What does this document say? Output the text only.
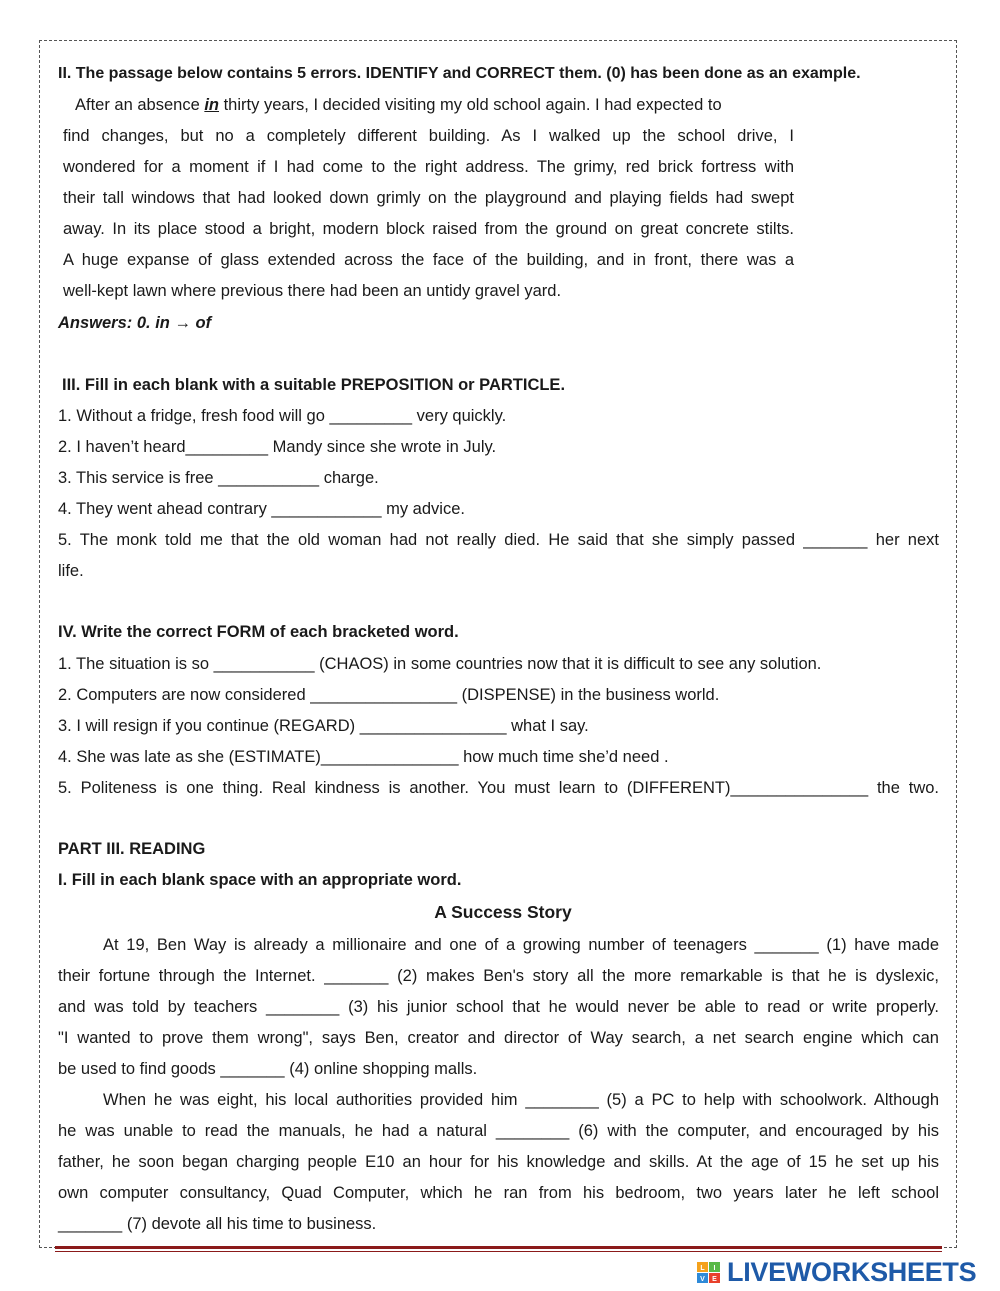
II. The passage below contains 5 errors. IDENTIFY and CORRECT them. (0) has been done as an example.
After an absence in thirty years, I decided visiting my old school again. I had expected to
find changes, but no a completely different building. As I walked up the school drive, I
wondered for a moment if I had come to the right address. The grimy, red brick fortress with
their tall windows that had looked down grimly on the playground and playing fields had swept
away. In its place stood a bright, modern block raised from the ground on great concrete stilts.
A huge expanse of glass extended across the face of the building, and in front, there was a
well-kept lawn where previous there had been an untidy gravel yard.
Answers: 0. in → of
III. Fill in each blank with a suitable PREPOSITION or PARTICLE.
1. Without a fridge, fresh food will go _________ very quickly.
2. I haven’t heard_________ Mandy since she wrote in July.
3. This service is free ___________ charge.
4. They went ahead contrary ____________ my advice.
5. The monk told me that the old woman had not really died. He said that she simply passed _______ her next
life.
IV. Write the correct FORM of each bracketed word.
1. The situation is so ___________ (CHAOS) in some countries now that it is difficult to see any solution.
2. Computers are now considered ________________ (DISPENSE) in the business world.
3. I will resign if you continue (REGARD) ________________ what I say.
4. She was late as she (ESTIMATE)_______________ how much time she’d need .
5. Politeness is one thing. Real kindness is another. You must learn to (DIFFERENT)_______________ the two.
PART III. READING
I. Fill in each blank space with an appropriate word.
A Success Story
At 19, Ben Way is already a millionaire and one of a growing number of teenagers _______ (1) have made
their fortune through the Internet. _______ (2) makes Ben's story all the more remarkable is that he is dyslexic,
and was told by teachers ________ (3) his junior school that he would never be able to read or write properly.
"I wanted to prove them wrong", says Ben, creator and director of Way search, a net search engine which can
be used to find goods _______ (4) online shopping malls.
When he was eight, his local authorities provided him ________ (5) a PC to help with schoolwork. Although
he was unable to read the manuals, he had a natural ________ (6) with the computer, and encouraged by his
father, he soon began charging people E10 an hour for his knowledge and skills. At the age of 15 he set up his
own computer consultancy, Quad Computer, which he ran from his bedroom, two years later he left school
_______ (7) devote all his time to business.
L I
V E LIVEWORKSHEETS
